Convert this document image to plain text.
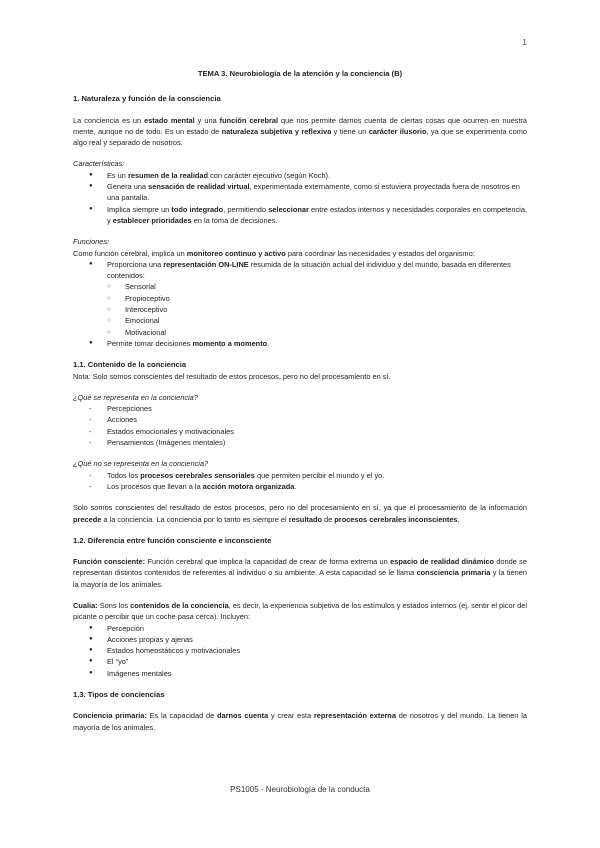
1
TEMA 3. Neurobiología de la atención y la conciencia (B)
1. Naturaleza y función de la consciencia

La conciencia es un estado mental y una función cerebral que nos permite darnos cuenta de ciertas cosas que ocurren en nuestra mente, aunque no de todo. Es un estado de naturaleza subjetiva y reflexiva y tiene un carácter ilusorio, ya que se experimenta como algo real y separado de nosotros.

Características:
● Es un resumen de la realidad con carácter ejecutivo (según Koch).
● Genera una sensación de realidad virtual, experimentada externamente, como si estuviera proyectada fuera de nosotros en una pantalla.
● Implica siempre un todo integrado, permitiendo seleccionar entre estados internos y necesidades corporales en competencia, y establecer prioridades en la toma de decisiones.
Funciones:
Como función cerebral, implica un monitoreo continuo y activo para coordinar las necesidades y estados del organismo:
● Proporciona una representación ON-LINE resumida de la situación actual del individuo y del mundo, basada en diferentes contenidos:
○ Sensorial
○ Propioceptivo
○ Interoceptivo
○ Emocional
○ Motivacional
● Permite tomar decisiones momento a momento.
1.1. Contenido de la conciencia

Nota: Solo somos conscientes del resultado de estos procesos, pero no del procesamiento en sí.

¿Qué se representa en la conciencia?
- Percepciones
- Acciones
- Estados emocionales y motivacionales
- Pensamientos (Imágenes mentales)
¿Qué no se representa en la conciencia?
- Todos los procesos cerebrales sensoriales que permiten percibir el mundo y el yo.
- Los procesos que llevan a la acción motora organizada.

Solo somos conscientes del resultado de estos procesos, pero no del procesamiento en sí, ya que el procesamiento de la información precede a la conciencia. La conciencia por lo tanto es siempre el resultado de procesos cerebrales inconscientes.

1.2. Diferencia entre función consciente e inconsciente

Función consciente: Función cerebral que implica la capacidad de crear de forma extrema un espacio de realidad dinámico donde se representan distintos contenidos de referentes al individuo o su ambiente. A esta capacidad se le llama consciencia primaria y la tienen la mayoría de los animales.

Cualia: Sons los contenidos de la conciencia, es decir, la experiencia subjetiva de los estímulos y estados internos (ej. sentir el picor del picante o percibir que un coche pasa cerca). Incluyen:
● Percepción
● Acciones propias y ajenas
● Estados homeostáticos y motivacionales
● El “yo”
● Imágenes mentales
1.3. Tipos de conciencias

Conciencia primaria: Es la capacidad de darnos cuenta y crear esta representación externa de nosotros y del mundo. La tienen la mayoría de los animales.

PS1005 - Neurobiología de la conducta
